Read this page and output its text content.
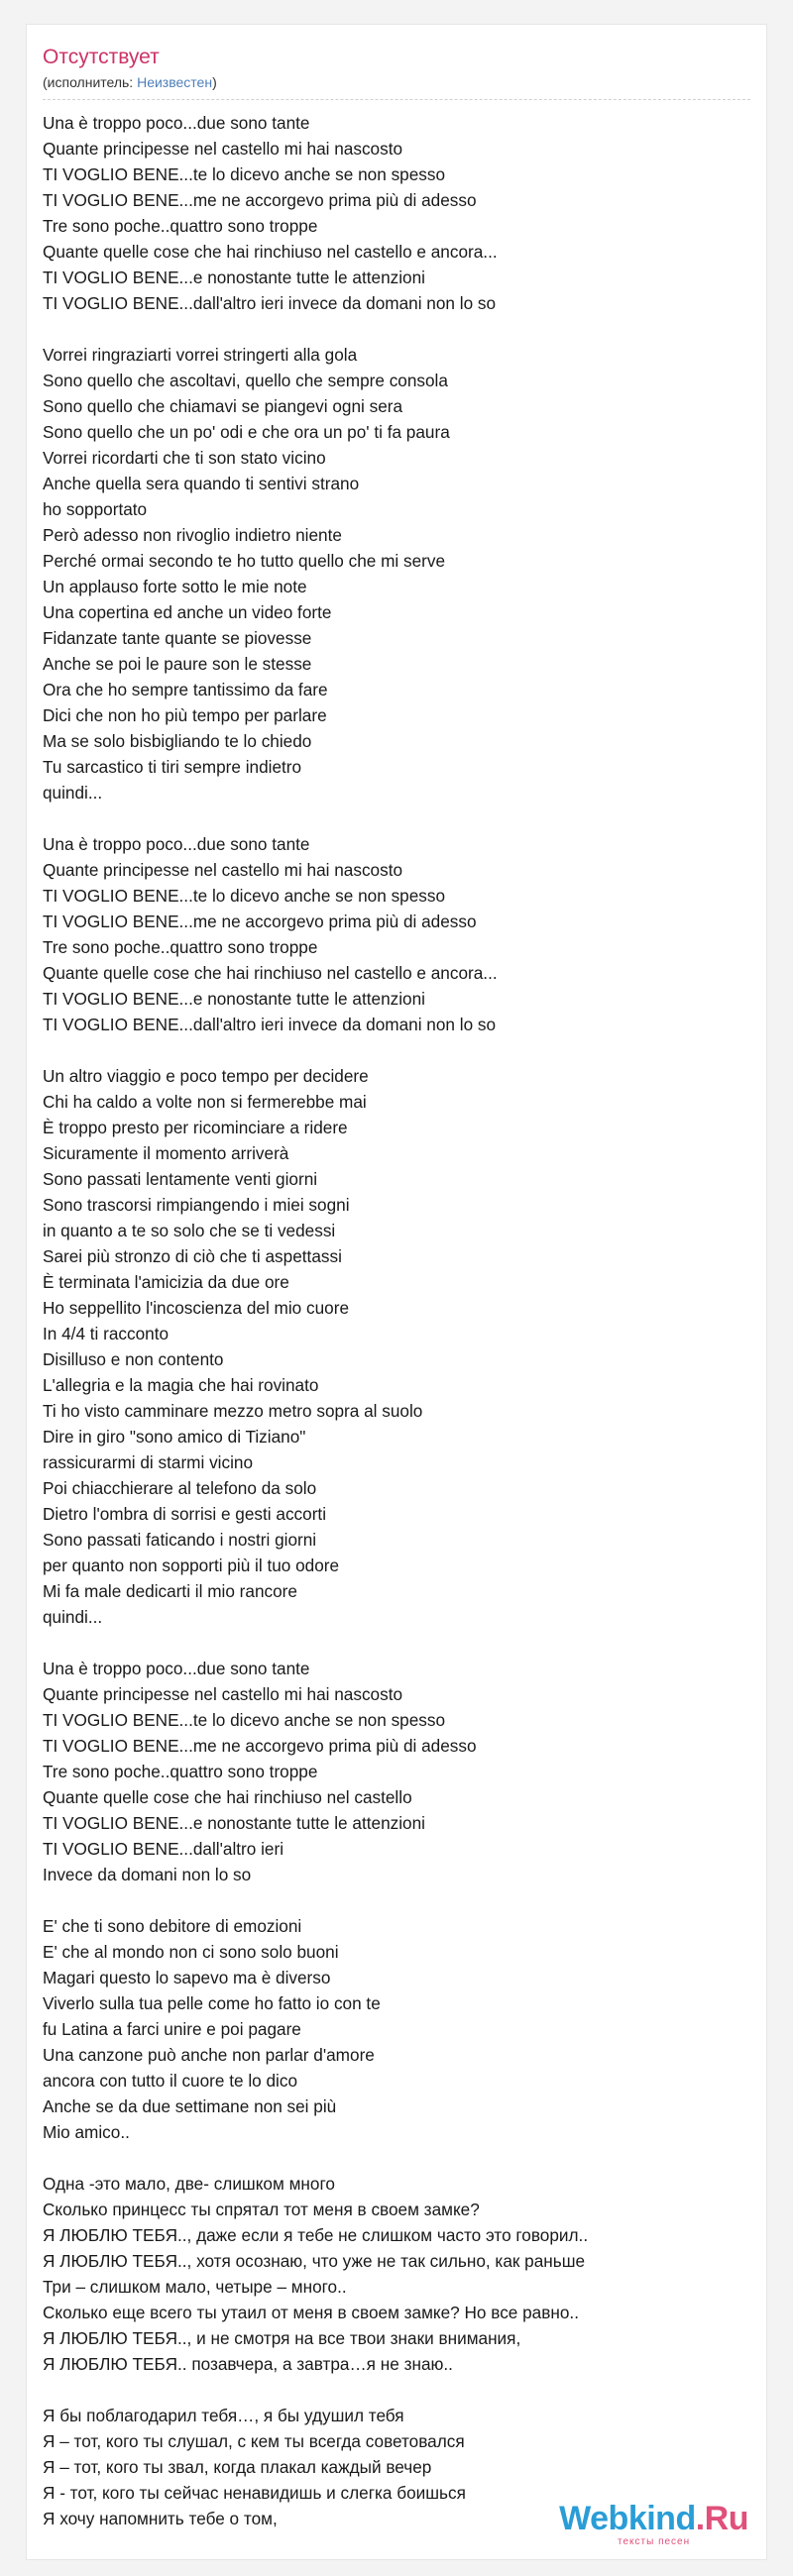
Отсутствует
(исполнитель: Неизвестен)
Una è troppo poco...due sono tante
Quante principesse nel castello mi hai nascosto
TI VOGLIO BENE...te lo dicevo anche se non spesso
TI VOGLIO BENE...me ne accorgevo prima più di adesso
Tre sono poche..quattro sono troppe
Quante quelle cose che hai rinchiuso nel castello e ancora...
TI VOGLIO BENE...e nonostante tutte le attenzioni
TI VOGLIO BENE...dall'altro ieri invece da domani non lo so
Vorrei ringraziarti vorrei stringerti alla gola
Sono quello che ascoltavi, quello che sempre consola
Sono quello che chiamavi se piangevi ogni sera
Sono quello che un po' odi e che ora un po' ti fa paura
Vorrei ricordarti che ti son stato vicino
Anche quella sera quando ti sentivi strano
ho sopportato
Però adesso non rivoglio indietro niente
Perché ormai secondo te ho tutto quello che mi serve
Un applauso forte sotto le mie note
Una copertina ed anche un video forte
Fidanzate tante quante se piovesse
Anche se poi le paure son le stesse
Ora che ho sempre tantissimo da fare
Dici che non ho più tempo per parlare
Ma se solo bisbigliando te lo chiedo
Tu sarcastico ti tiri sempre indietro
quindi...
Una è troppo poco...due sono tante
Quante principesse nel castello mi hai nascosto
TI VOGLIO BENE...te lo dicevo anche se non spesso
TI VOGLIO BENE...me ne accorgevo prima più di adesso
Tre sono poche..quattro sono troppe
Quante quelle cose che hai rinchiuso nel castello e ancora...
TI VOGLIO BENE...e nonostante tutte le attenzioni
TI VOGLIO BENE...dall'altro ieri invece da domani non lo so
Un altro viaggio e poco tempo per decidere
Chi ha caldo a volte non si fermerebbe mai
È troppo presto per ricominciare a ridere
Sicuramente il momento arriverà
Sono passati lentamente venti giorni
Sono trascorsi rimpiangendo i miei sogni
in quanto a te so solo che se ti vedessi
Sarei più stronzo di ciò che ti aspettassi
È terminata l'amicizia da due ore
Ho seppellito l'incoscienza del mio cuore
In 4/4 ti racconto
Disilluso e non contento
L'allegria e la magia che hai rovinato
Ti ho visto camminare mezzo metro sopra al suolo
Dire in giro "sono amico di Tiziano"
rassicurarmi di starmi vicino
Poi chiacchierare al telefono da solo
Dietro l'ombra di sorrisi e gesti accorti
Sono passati faticando i nostri giorni
per quanto non sopporti più il tuo odore
Mi fa male dedicarti il mio rancore
quindi...
Una è troppo poco...due sono tante
Quante principesse nel castello mi hai nascosto
TI VOGLIO BENE...te lo dicevo anche se non spesso
TI VOGLIO BENE...me ne accorgevo prima più di adesso
Tre sono poche..quattro sono troppe
Quante quelle cose che hai rinchiuso nel castello
TI VOGLIO BENE...e nonostante tutte le attenzioni
TI VOGLIO BENE...dall'altro ieri
Invece da domani non lo so
E' che ti sono debitore di emozioni
E' che al mondo non ci sono solo buoni
Magari questo lo sapevo ma è diverso
Viverlo sulla tua pelle come ho fatto io con te
fu Latina a farci unire e poi pagare
Una canzone può anche non parlar d'amore
ancora con tutto il cuore te lo dico
Anche se da due settimane non sei più
Mio amico..
Одна -это мало, две- слишком много
Сколько принцесс ты спрятал тот меня в своем замке?
Я ЛЮБЛЮ ТЕБЯ.., даже если я тебе не слишком часто это говорил..
Я ЛЮБЛЮ ТЕБЯ.., хотя осознаю, что уже не так сильно, как раньше
Три – слишком мало, четыре – много..
Сколько еще всего ты утаил от меня в своем замке? Но все равно..
Я ЛЮБЛЮ ТЕБЯ.., и не смотря на все твои знаки внимания,
Я ЛЮБЛЮ ТЕБЯ.. позавчера, а завтра…я не знаю..
Я бы поблагодарил тебя…, я бы удушил тебя
Я – тот, кого ты слушал, с кем ты всегда советовался
Я – тот, кого ты звал, когда плакал каждый вечер
Я - тот, кого ты сейчас ненавидишь и слегка боишься
Я хочу напомнить тебе о том,	Webkind.Ru
тексты песен
